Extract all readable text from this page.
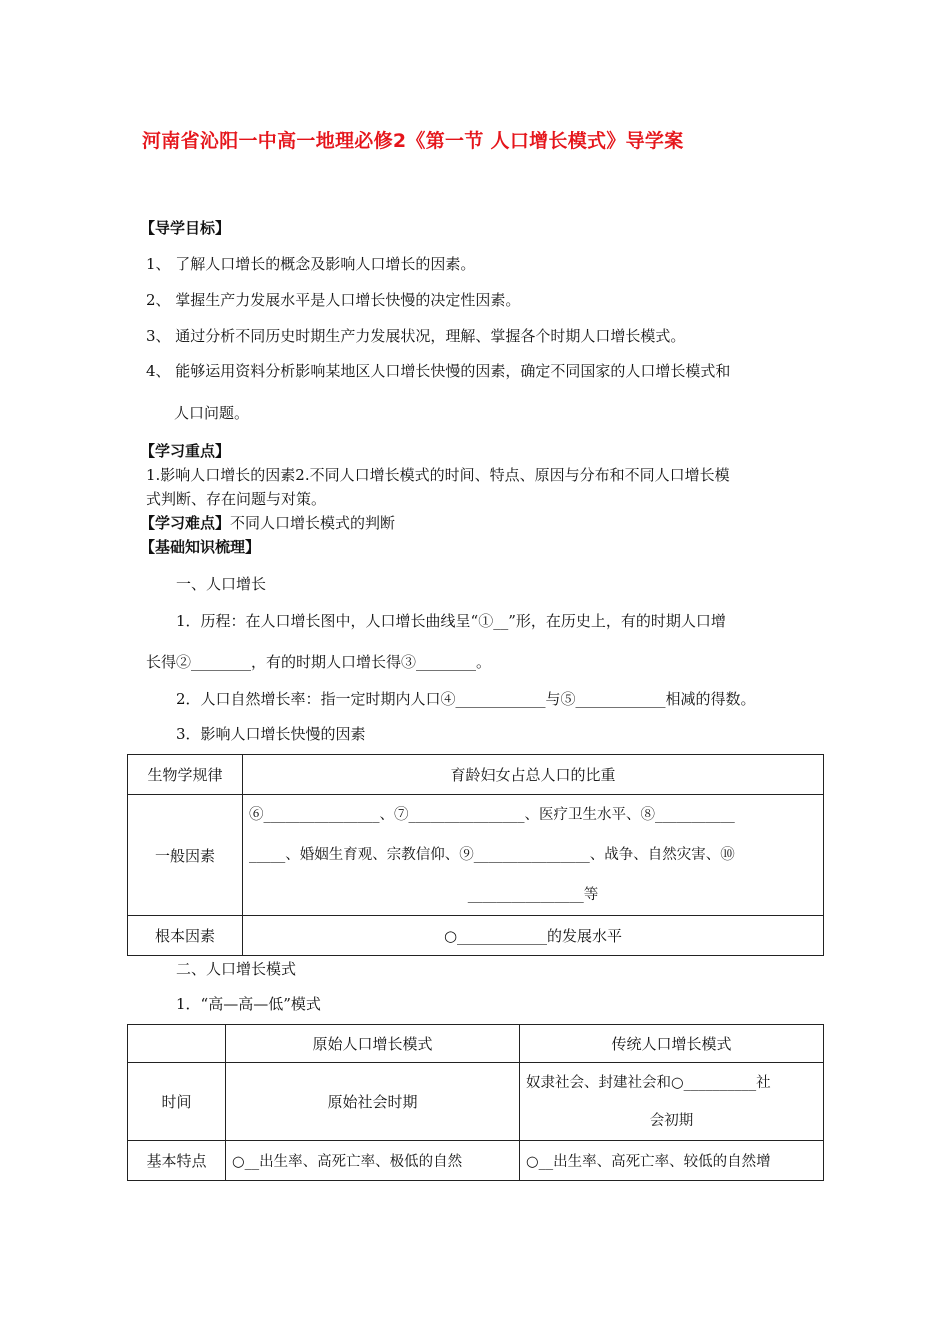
河南省沁阳一中高一地理必修2《第一节 人口增长模式》导学案
【导学目标】
1、 了解人口增长的概念及影响人口增长的因素。
2、 掌握生产力发展水平是人口增长快慢的决定性因素。
3、 通过分析不同历史时期生产力发展状况，理解、掌握各个时期人口增长模式。
4、 能够运用资料分析影响某地区人口增长快慢的因素，确定不同国家的人口增长模式和
人口问题。
【学习重点】
1.影响人口增长的因素2.不同人口增长模式的时间、特点、原因与分布和不同人口增长模
式判断、存在问题与对策。
【学习难点】不同人口增长模式的判断
【基础知识梳理】
一、人口增长
1．历程：在人口增长图中，人口增长曲线呈“①__”形，在历史上，有的时期人口增
长得②________，有的时期人口增长得③________。
2．人口自然增长率：指一定时期内人口④____________与⑤____________相减的得数。
3．影响人口增长快慢的因素
生物学规律	育龄妇女占总人口的比重
一般因素	⑥________________、⑦________________、医疗卫生水平、⑧___________
_____、婚姻生育观、宗教信仰、⑨________________、战争、自然灾害、⑩
________________等

根本因素	○____________的发展水平
二、人口增长模式
1．“高—高—低”模式
	原始人口增长模式	传统人口增长模式
时间	原始社会时期	奴隶社会、封建社会和○__________社
会初期

基本特点	○__出生率、高死亡率、极低的自然	○__出生率、高死亡率、较低的自然增
